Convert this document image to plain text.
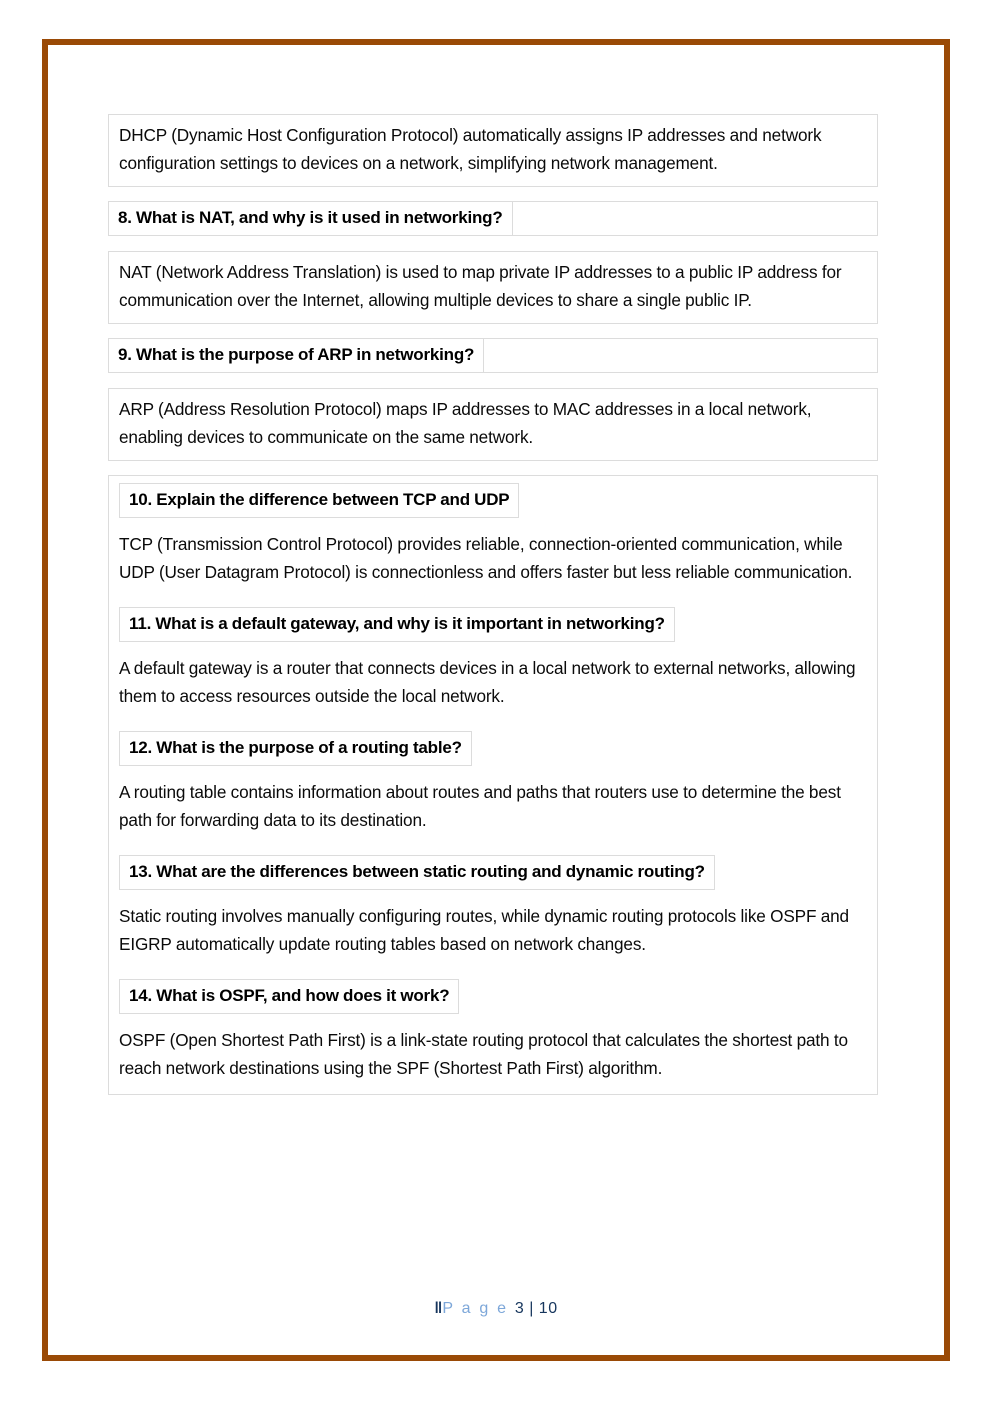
DHCP (Dynamic Host Configuration Protocol) automatically assigns IP addresses and network configuration settings to devices on a network, simplifying network management.

8. What is NAT, and why is it used in networking?

NAT (Network Address Translation) is used to map private IP addresses to a public IP address for communication over the Internet, allowing multiple devices to share a single public IP.

9. What is the purpose of ARP in networking?

ARP (Address Resolution Protocol) maps IP addresses to MAC addresses in a local network, enabling devices to communicate on the same network.

10. Explain the difference between TCP and UDP

TCP (Transmission Control Protocol) provides reliable, connection-oriented communication, while UDP (User Datagram Protocol) is connectionless and offers faster but less reliable communication.

11. What is a default gateway, and why is it important in networking?

A default gateway is a router that connects devices in a local network to external networks, allowing them to access resources outside the local network.

12. What is the purpose of a routing table?

A routing table contains information about routes and paths that routers use to determine the best path for forwarding data to its destination.

13. What are the differences between static routing and dynamic routing?

Static routing involves manually configuring routes, while dynamic routing protocols like OSPF and EIGRP automatically update routing tables based on network changes.

14. What is OSPF, and how does it work?

OSPF (Open Shortest Path First) is a link-state routing protocol that calculates the shortest path to reach network destinations using the SPF (Shortest Path First) algorithm.

‖P a g e 3 | 10
